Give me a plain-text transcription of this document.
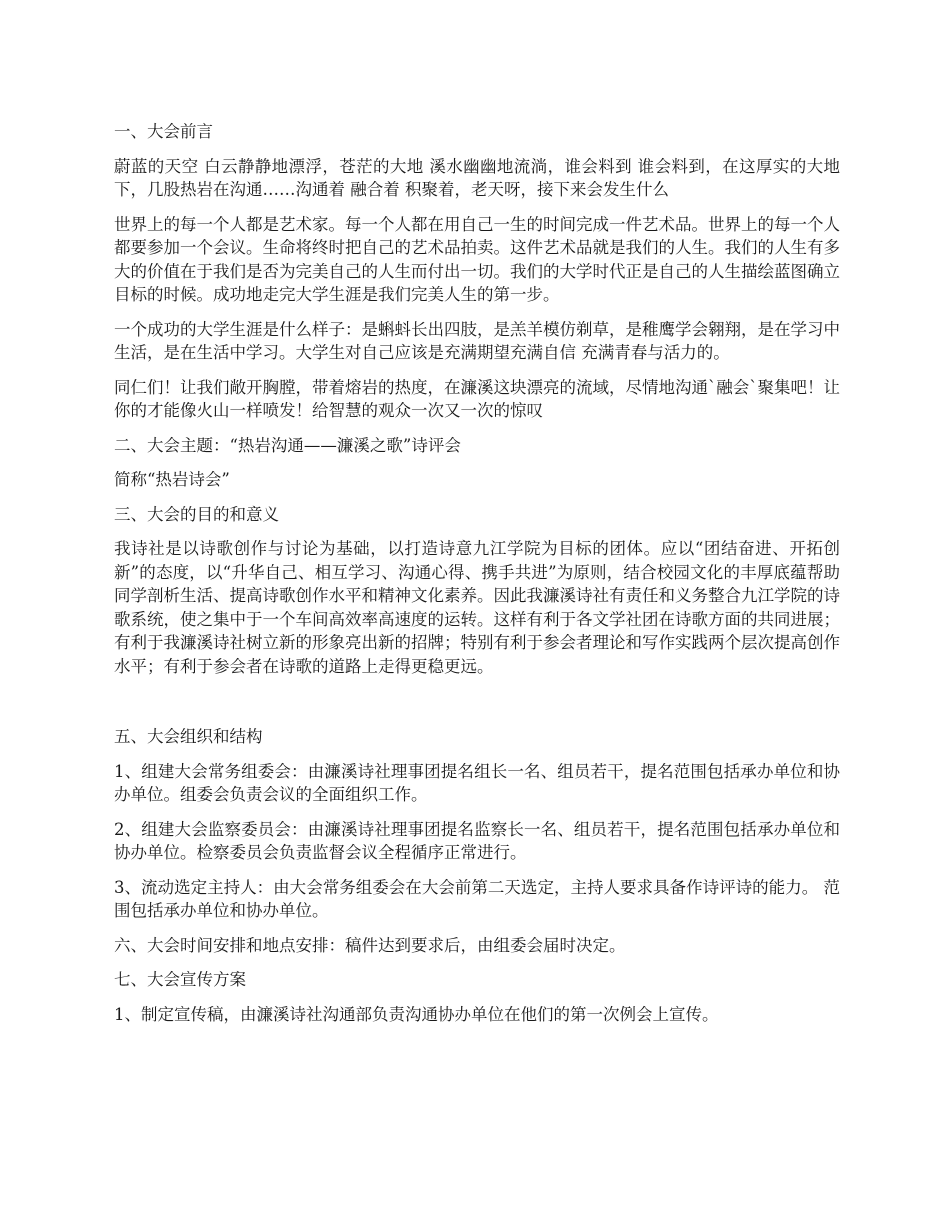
一、大会前言

蔚蓝的天空 白云静静地漂浮，苍茫的大地 溪水幽幽地流淌，谁会料到 谁会料到，在这厚实的大地下，几股热岩在沟通……沟通着 融合着 积聚着，老天呀，接下来会发生什么

世界上的每一个人都是艺术家。每一个人都在用自己一生的时间完成一件艺术品。世界上的每一个人都要参加一个会议。生命将终时把自己的艺术品拍卖。这件艺术品就是我们的人生。我们的人生有多大的价值在于我们是否为完美自己的人生而付出一切。我们的大学时代正是自己的人生描绘蓝图确立目标的时候。成功地走完大学生涯是我们完美人生的第一步。

一个成功的大学生涯是什么样子：是蝌蚪长出四肢，是羔羊模仿剃草，是稚鹰学会翱翔，是在学习中生活，是在生活中学习。大学生对自己应该是充满期望充满自信 充满青春与活力的。

同仁们！让我们敞开胸膛，带着熔岩的热度，在濂溪这块漂亮的流域，尽情地沟通`融会`聚集吧！让你的才能像火山一样喷发！给智慧的观众一次又一次的惊叹

二、大会主题：“热岩沟通——濂溪之歌”诗评会

简称“热岩诗会”

三、大会的目的和意义

我诗社是以诗歌创作与讨论为基础，以打造诗意九江学院为目标的团体。应以“团结奋进、开拓创新”的态度，以“升华自己、相互学习、沟通心得、携手共进”为原则，结合校园文化的丰厚底蕴帮助同学剖析生活、提高诗歌创作水平和精神文化素养。因此我濂溪诗社有责任和义务整合九江学院的诗歌系统，使之集中于一个车间高效率高速度的运转。这样有利于各文学社团在诗歌方面的共同进展；有利于我濂溪诗社树立新的形象亮出新的招牌；特别有利于参会者理论和写作实践两个层次提高创作水平；有利于参会者在诗歌的道路上走得更稳更远。

五、大会组织和结构

1、组建大会常务组委会：由濂溪诗社理事团提名组长一名、组员若干，提名范围包括承办单位和协办单位。组委会负责会议的全面组织工作。

2、组建大会监察委员会：由濂溪诗社理事团提名监察长一名、组员若干，提名范围包括承办单位和协办单位。检察委员会负责监督会议全程循序正常进行。

3、流动选定主持人：由大会常务组委会在大会前第二天选定，主持人要求具备作诗评诗的能力。 范围包括承办单位和协办单位。

六、大会时间安排和地点安排：稿件达到要求后，由组委会届时决定。

七、大会宣传方案

1、制定宣传稿，由濂溪诗社沟通部负责沟通协办单位在他们的第一次例会上宣传。
